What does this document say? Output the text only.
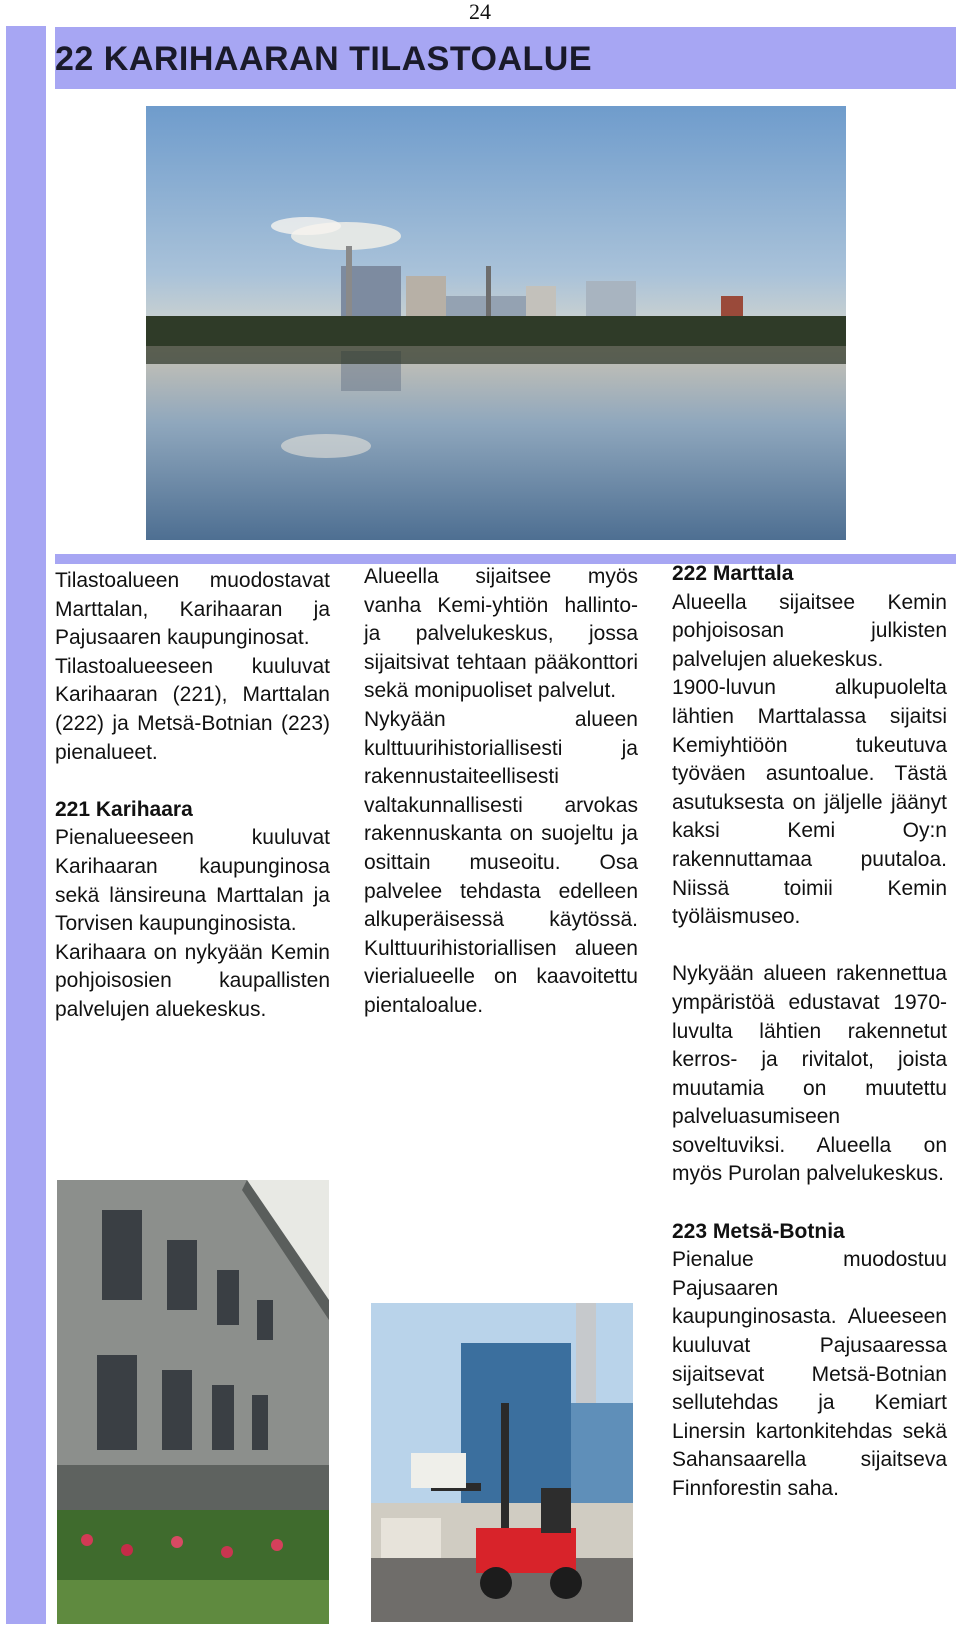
24
22 KARIHAARAN TILASTOALUE

Tilastoalueen muodostavat Marttalan, Karihaaran ja Pajusaaren kaupunginosat.

Tilastoalueeseen kuuluvat Karihaaran (221), Marttalan (222) ja Metsä-Botnian (223) pienalueet.

221 Karihaara

Pienalueeseen kuuluvat Karihaaran kaupunginosa sekä länsireuna Marttalan ja Torvisen kaupunginosista.

Karihaara on nykyään Kemin pohjoisosien kaupallisten palvelujen aluekeskus.

Alueella sijaitsee myös vanha Kemi-yhtiön hallinto- ja palvelukeskus, jossa sijaitsivat tehtaan pääkonttori sekä monipuoliset palvelut.

Nykyään alueen kulttuurihistoriallisesti ja rakennustaiteellisesti valtakunnallisesti arvokas rakennuskanta on suojeltu ja osittain museoitu. Osa palvelee tehdasta edelleen alkuperäisessä käytössä. Kulttuurihistoriallisen alueen vierialueelle on kaavoitettu pientaloalue.

222 Marttala

Alueella sijaitsee Kemin pohjoisosan julkisten palvelujen aluekeskus.

1900-luvun alkupuolelta lähtien Marttalassa sijaitsi Kemiyhtiöön tukeutuva työväen asuntoalue. Tästä asutuksesta on jäljelle jäänyt kaksi Kemi Oy:n rakennuttamaa puutaloa. Niissä toimii Kemin työläismuseo.

Nykyään alueen rakennettua ympäristöä edustavat 1970-luvulta lähtien rakennetut kerros- ja rivitalot, joista muutamia on muutettu palveluasumiseen soveltuviksi. Alueella on myös Purolan palvelukeskus.

223 Metsä-Botnia

Pienalue muodostuu Pajusaaren kaupunginosasta. Alueeseen kuuluvat Pajusaaressa sijaitsevat Metsä-Botnian sellutehdas ja Kemiart Linersin kartonkitehdas sekä Sahansaarella sijaitseva Finnforestin saha.
